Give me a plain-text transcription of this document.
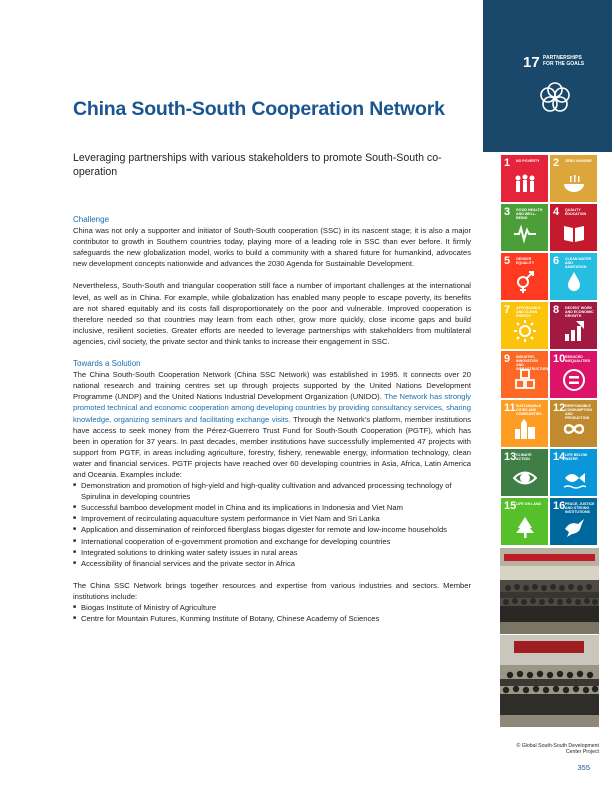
China South-South Cooperation Network
Leveraging partnerships with various stakeholders to promote South-South cooperation
Challenge

China was not only a supporter and initiator of South-South cooperation (SSC) in its nascent stage; it is also a major contributor to growth in Southern countries today, playing more of a leading role in SSC than ever before. It firmly safeguards the new globalization model, works to build a community with a shared future for humankind, advocates new development concepts nationwide and advances the 2030 Agenda for Sustainable Development.

Nevertheless, South-South and triangular cooperation still face a number of important challenges at the international level, as well as in China. For example, while globalization has enabled many people to escape poverty, its benefits are not shared equitably and its costs fall disproportionately on the poor and vulnerable. Improved cooperation is therefore needed so that countries may learn from each other, grow more quickly, close income gaps and build inclusive, resilient societies. Greater efforts are needed to leverage partnerships with stakeholders from multilateral agencies, civil society, the private sector and think tanks to increase their engagement in SSC.

Towards a Solution

The China South-South Cooperation Network (China SSC Network) was established in 1995. It connects over 20 national research and training centres set up through projects supported by the United Nations Development Programme (UNDP) and the United Nations Industrial Development Organization (UNIDO). The Network has strongly promoted technical and economic cooperation among developing countries by providing consultancy services, sharing knowledge, organizing seminars and facilitating exchange visits. Through the Network’s platform, member institutions have access to seek money from the Pérez-Guerrero Trust Fund for South-South Cooperation (PGTF), which has been in operation for 37 years. In past decades, member institutions have successfully implemented 47 projects with support from PGTF, in areas including agriculture, forestry, fishery, renewable energy, information technology, clean water and financial services. PGTF projects have reached over 60 developing countries in Asia, Africa, Latin America and Oceania. Examples include:

■ Demonstration and promotion of high-yield and high-quality cultivation and advanced processing technology of Spirulina in developing countries
■ Successful bamboo development model in China and its implications in Indonesia and Viet Nam
■ Improvement of recirculating aquaculture system performance in Viet Nam and Sri Lanka
■ Application and dissemination of reinforced fiberglass biogas digester for remote and low-income households
■ International cooperation of e-government promotion and exchange for developing countries
■ Integrated solutions to drinking water safety issues in rural areas
■ Accessibility of financial services and the private sector in Africa

The China SSC Network brings together resources and expertise from various industries and sectors. Member institutions include:

■ Biogas Institute of Ministry of Agriculture
■ Centre for Mountain Futures, Kunming Institute of Botany, Chinese Academy of Sciences
17 PARTNERSHIPS FOR THE GOALS
1 NO POVERTY	2 ZERO HUNGER
3 GOOD HEALTH AND WELL-BEING	4 QUALITY EDUCATION
5 GENDER EQUALITY	6 CLEAN WATER AND SANITATION
7 AFFORDABLE AND CLEAN ENERGY	8 DECENT WORK AND ECONOMIC GROWTH
9 INDUSTRY, INNOVATION AND INFRASTRUCTURE
10 REDUCED INEQUALITIES
11 SUSTAINABLE CITIES AND COMMUNITIES	12 RESPONSIBLE CONSUMPTION AND PRODUCTION
13 CLIMATE ACTION	14 LIFE BELOW WATER
15 LIFE ON LAND	16 PEACE, JUSTICE AND STRONG INSTITUTIONS
© Global South-South Development Center Project
355
